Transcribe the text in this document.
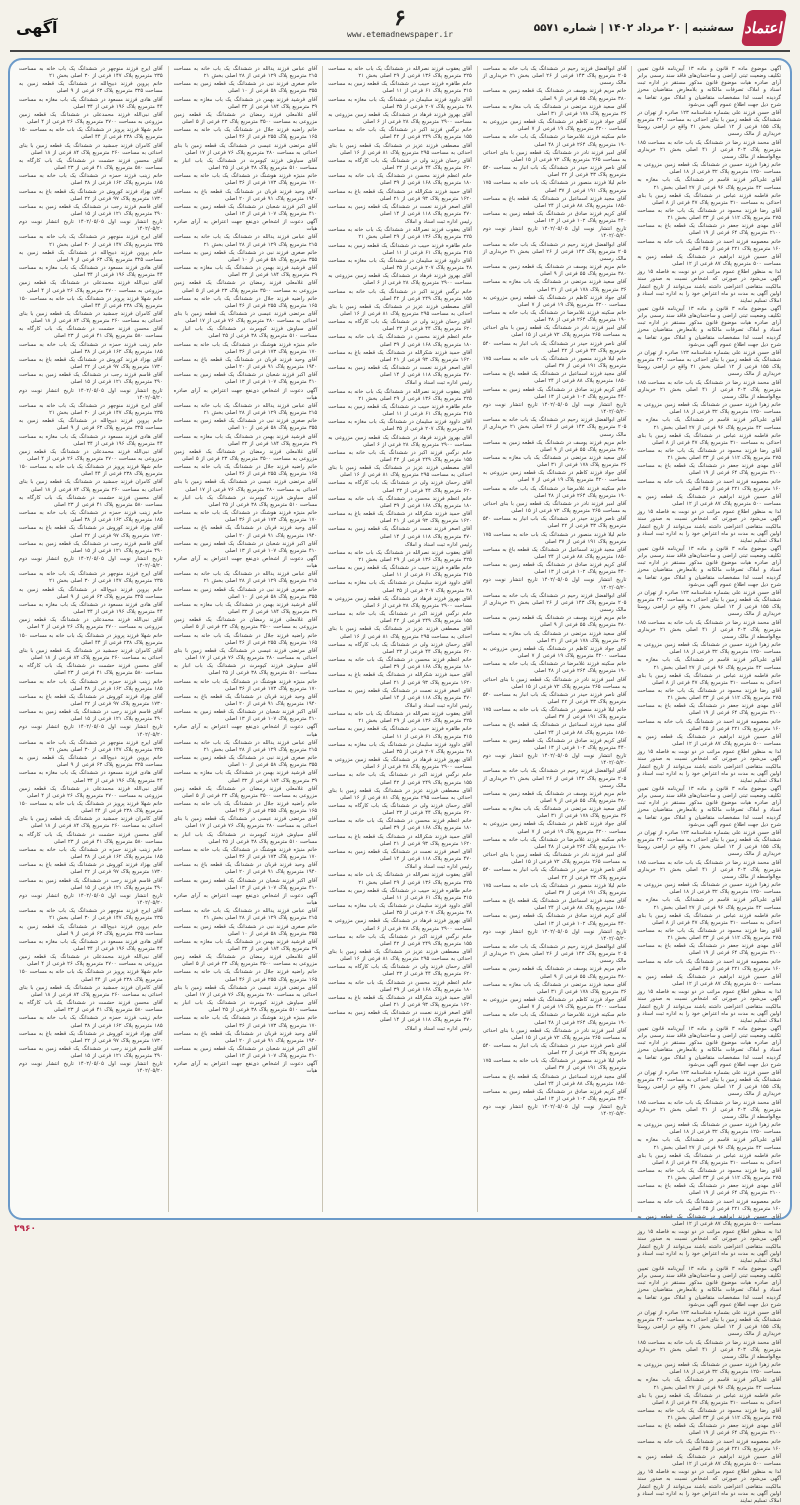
اعتماد
سه‌شنبه | ۲۰ مرداد ۱۴۰۲ | شماره ۵۵۷۱
۶
www.etemadnewspaper.ir
آگهی

آگهی موضوع ماده ۳ قانون و ماده ۱۳ آیین‌نامه قانون تعیین تکلیف وضعیت ثبتی اراضی و ساختمان‌های فاقد سند رسمی برابر آرای صادره هیات موضوع قانون مذکور مستقر در اداره ثبت اسناد و املاک تصرفات مالکانه و بلامعارض متقاضیان محرز گردیده است لذا مشخصات متقاضیان و املاک مورد تقاضا به شرح ذیل جهت اطلاع عموم آگهی می‌شود

آقای حسن فرزند علی بشماره شناسنامه ۱۲۳ صادره از تهران در ششدانگ یک قطعه زمین با بنای احداثی به مساحت ۲۴۰ مترمربع پلاک ۱۵۵ فرعی از ۱۲ اصلی بخش ۲۱ واقع در اراضی روستا خریداری از مالک رسمی

آقای محمد فرزند رضا در ششدانگ یک باب خانه به مساحت ۱۸۵ مترمربع پلاک ۲۰۳ فرعی از ۴۱ اصلی بخش ۲۱ خریداری مع‌الواسطه از مالک رسمی

خانم زهرا فرزند حسین در ششدانگ یک قطعه زمین مزروعی به مساحت ۱۲۵۰ مترمربع پلاک ۳۲ فرعی از ۱۸ اصلی

آقای علی‌اکبر فرزند قاسم در ششدانگ یک باب مغازه به مساحت ۴۲ مترمربع پلاک ۹۶ فرعی از ۲۷ اصلی بخش ۲۱

خانم فاطمه فرزند عباس در ششدانگ یک قطعه زمین با بنای احداثی به مساحت ۳۱۰ مترمربع پلاک ۴۷ فرعی از ۸ اصلی

آقای رضا فرزند محمود در ششدانگ یک باب خانه به مساحت ۲۷۵ مترمربع پلاک ۱۱۲ فرعی از ۳۳ اصلی بخش ۲۱

آقای مهدی فرزند جعفر در ششدانگ یک قطعه باغ به مساحت ۲۱۰۰ مترمربع پلاک ۶۴ فرعی از ۱۹ اصلی

خانم معصومه فرزند احمد در ششدانگ یک باب خانه به مساحت ۱۶۰ مترمربع پلاک ۲۲۱ فرعی از ۴۵ اصلی

آقای حسین فرزند ابراهیم در ششدانگ یک قطعه زمین به مساحت ۵۰۰ مترمربع پلاک ۸۷ فرعی از ۱۲ اصلی

لذا به منظور اطلاع عموم مراتب در دو نوبت به فاصله ۱۵ روز آگهی می‌شود در صورتی که اشخاص نسبت به صدور سند مالکیت متقاضی اعتراضی داشته باشند می‌توانند از تاریخ انتشار اولین آگهی به مدت دو ماه اعتراض خود را به اداره ثبت اسناد و املاک تسلیم نمایند

آگهی موضوع ماده ۳ قانون و ماده ۱۳ آیین‌نامه قانون تعیین تکلیف وضعیت ثبتی اراضی و ساختمان‌های فاقد سند رسمی برابر آرای صادره هیات موضوع قانون مذکور مستقر در اداره ثبت اسناد و املاک تصرفات مالکانه و بلامعارض متقاضیان محرز گردیده است لذا مشخصات متقاضیان و املاک مورد تقاضا به شرح ذیل جهت اطلاع عموم آگهی می‌شود

آقای حسن فرزند علی بشماره شناسنامه ۱۲۳ صادره از تهران در ششدانگ یک قطعه زمین با بنای احداثی به مساحت ۲۴۰ مترمربع پلاک ۱۵۵ فرعی از ۱۲ اصلی بخش ۲۱ واقع در اراضی روستا خریداری از مالک رسمی

آقای محمد فرزند رضا در ششدانگ یک باب خانه به مساحت ۱۸۵ مترمربع پلاک ۲۰۳ فرعی از ۴۱ اصلی بخش ۲۱ خریداری مع‌الواسطه از مالک رسمی

خانم زهرا فرزند حسین در ششدانگ یک قطعه زمین مزروعی به مساحت ۱۲۵۰ مترمربع پلاک ۳۲ فرعی از ۱۸ اصلی

آقای علی‌اکبر فرزند قاسم در ششدانگ یک باب مغازه به مساحت ۴۲ مترمربع پلاک ۹۶ فرعی از ۲۷ اصلی بخش ۲۱

خانم فاطمه فرزند عباس در ششدانگ یک قطعه زمین با بنای احداثی به مساحت ۳۱۰ مترمربع پلاک ۴۷ فرعی از ۸ اصلی

آقای رضا فرزند محمود در ششدانگ یک باب خانه به مساحت ۲۷۵ مترمربع پلاک ۱۱۲ فرعی از ۳۳ اصلی بخش ۲۱

آقای مهدی فرزند جعفر در ششدانگ یک قطعه باغ به مساحت ۲۱۰۰ مترمربع پلاک ۶۴ فرعی از ۱۹ اصلی

خانم معصومه فرزند احمد در ششدانگ یک باب خانه به مساحت ۱۶۰ مترمربع پلاک ۲۲۱ فرعی از ۴۵ اصلی

آقای حسین فرزند ابراهیم در ششدانگ یک قطعه زمین به مساحت ۵۰۰ مترمربع پلاک ۸۷ فرعی از ۱۲ اصلی

لذا به منظور اطلاع عموم مراتب در دو نوبت به فاصله ۱۵ روز آگهی می‌شود در صورتی که اشخاص نسبت به صدور سند مالکیت متقاضی اعتراضی داشته باشند می‌توانند از تاریخ انتشار اولین آگهی به مدت دو ماه اعتراض خود را به اداره ثبت اسناد و املاک تسلیم نمایند

آگهی موضوع ماده ۳ قانون و ماده ۱۳ آیین‌نامه قانون تعیین تکلیف وضعیت ثبتی اراضی و ساختمان‌های فاقد سند رسمی برابر آرای صادره هیات موضوع قانون مذکور مستقر در اداره ثبت اسناد و املاک تصرفات مالکانه و بلامعارض متقاضیان محرز گردیده است لذا مشخصات متقاضیان و املاک مورد تقاضا به شرح ذیل جهت اطلاع عموم آگهی می‌شود

آقای حسن فرزند علی بشماره شناسنامه ۱۲۳ صادره از تهران در ششدانگ یک قطعه زمین با بنای احداثی به مساحت ۲۴۰ مترمربع پلاک ۱۵۵ فرعی از ۱۲ اصلی بخش ۲۱ واقع در اراضی روستا خریداری از مالک رسمی

آقای محمد فرزند رضا در ششدانگ یک باب خانه به مساحت ۱۸۵ مترمربع پلاک ۲۰۳ فرعی از ۴۱ اصلی بخش ۲۱ خریداری مع‌الواسطه از مالک رسمی

خانم زهرا فرزند حسین در ششدانگ یک قطعه زمین مزروعی به مساحت ۱۲۵۰ مترمربع پلاک ۳۲ فرعی از ۱۸ اصلی

آقای علی‌اکبر فرزند قاسم در ششدانگ یک باب مغازه به مساحت ۴۲ مترمربع پلاک ۹۶ فرعی از ۲۷ اصلی بخش ۲۱

خانم فاطمه فرزند عباس در ششدانگ یک قطعه زمین با بنای احداثی به مساحت ۳۱۰ مترمربع پلاک ۴۷ فرعی از ۸ اصلی

آقای رضا فرزند محمود در ششدانگ یک باب خانه به مساحت ۲۷۵ مترمربع پلاک ۱۱۲ فرعی از ۳۳ اصلی بخش ۲۱

آقای مهدی فرزند جعفر در ششدانگ یک قطعه باغ به مساحت ۲۱۰۰ مترمربع پلاک ۶۴ فرعی از ۱۹ اصلی

خانم معصومه فرزند احمد در ششدانگ یک باب خانه به مساحت ۱۶۰ مترمربع پلاک ۲۲۱ فرعی از ۴۵ اصلی

آقای حسین فرزند ابراهیم در ششدانگ یک قطعه زمین به مساحت ۵۰۰ مترمربع پلاک ۸۷ فرعی از ۱۲ اصلی

لذا به منظور اطلاع عموم مراتب در دو نوبت به فاصله ۱۵ روز آگهی می‌شود در صورتی که اشخاص نسبت به صدور سند مالکیت متقاضی اعتراضی داشته باشند می‌توانند از تاریخ انتشار اولین آگهی به مدت دو ماه اعتراض خود را به اداره ثبت اسناد و املاک تسلیم نمایند

آگهی موضوع ماده ۳ قانون و ماده ۱۳ آیین‌نامه قانون تعیین تکلیف وضعیت ثبتی اراضی و ساختمان‌های فاقد سند رسمی برابر آرای صادره هیات موضوع قانون مذکور مستقر در اداره ثبت اسناد و املاک تصرفات مالکانه و بلامعارض متقاضیان محرز گردیده است لذا مشخصات متقاضیان و املاک مورد تقاضا به شرح ذیل جهت اطلاع عموم آگهی می‌شود

آقای حسن فرزند علی بشماره شناسنامه ۱۲۳ صادره از تهران در ششدانگ یک قطعه زمین با بنای احداثی به مساحت ۲۴۰ مترمربع پلاک ۱۵۵ فرعی از ۱۲ اصلی بخش ۲۱ واقع در اراضی روستا خریداری از مالک رسمی

آقای محمد فرزند رضا در ششدانگ یک باب خانه به مساحت ۱۸۵ مترمربع پلاک ۲۰۳ فرعی از ۴۱ اصلی بخش ۲۱ خریداری مع‌الواسطه از مالک رسمی

خانم زهرا فرزند حسین در ششدانگ یک قطعه زمین مزروعی به مساحت ۱۲۵۰ مترمربع پلاک ۳۲ فرعی از ۱۸ اصلی

آقای علی‌اکبر فرزند قاسم در ششدانگ یک باب مغازه به مساحت ۴۲ مترمربع پلاک ۹۶ فرعی از ۲۷ اصلی بخش ۲۱

خانم فاطمه فرزند عباس در ششدانگ یک قطعه زمین با بنای احداثی به مساحت ۳۱۰ مترمربع پلاک ۴۷ فرعی از ۸ اصلی

آقای رضا فرزند محمود در ششدانگ یک باب خانه به مساحت ۲۷۵ مترمربع پلاک ۱۱۲ فرعی از ۳۳ اصلی بخش ۲۱

آقای مهدی فرزند جعفر در ششدانگ یک قطعه باغ به مساحت ۲۱۰۰ مترمربع پلاک ۶۴ فرعی از ۱۹ اصلی

خانم معصومه فرزند احمد در ششدانگ یک باب خانه به مساحت ۱۶۰ مترمربع پلاک ۲۲۱ فرعی از ۴۵ اصلی

آقای حسین فرزند ابراهیم در ششدانگ یک قطعه زمین به مساحت ۵۰۰ مترمربع پلاک ۸۷ فرعی از ۱۲ اصلی

لذا به منظور اطلاع عموم مراتب در دو نوبت به فاصله ۱۵ روز آگهی می‌شود در صورتی که اشخاص نسبت به صدور سند مالکیت متقاضی اعتراضی داشته باشند می‌توانند از تاریخ انتشار اولین آگهی به مدت دو ماه اعتراض خود را به اداره ثبت اسناد و املاک تسلیم نمایند

آگهی موضوع ماده ۳ قانون و ماده ۱۳ آیین‌نامه قانون تعیین تکلیف وضعیت ثبتی اراضی و ساختمان‌های فاقد سند رسمی برابر آرای صادره هیات موضوع قانون مذکور مستقر در اداره ثبت اسناد و املاک تصرفات مالکانه و بلامعارض متقاضیان محرز گردیده است لذا مشخصات متقاضیان و املاک مورد تقاضا به شرح ذیل جهت اطلاع عموم آگهی می‌شود

آقای حسن فرزند علی بشماره شناسنامه ۱۲۳ صادره از تهران در ششدانگ یک قطعه زمین با بنای احداثی به مساحت ۲۴۰ مترمربع پلاک ۱۵۵ فرعی از ۱۲ اصلی بخش ۲۱ واقع در اراضی روستا خریداری از مالک رسمی

آقای محمد فرزند رضا در ششدانگ یک باب خانه به مساحت ۱۸۵ مترمربع پلاک ۲۰۳ فرعی از ۴۱ اصلی بخش ۲۱ خریداری مع‌الواسطه از مالک رسمی

خانم زهرا فرزند حسین در ششدانگ یک قطعه زمین مزروعی به مساحت ۱۲۵۰ مترمربع پلاک ۳۲ فرعی از ۱۸ اصلی

آقای علی‌اکبر فرزند قاسم در ششدانگ یک باب مغازه به مساحت ۴۲ مترمربع پلاک ۹۶ فرعی از ۲۷ اصلی بخش ۲۱

خانم فاطمه فرزند عباس در ششدانگ یک قطعه زمین با بنای احداثی به مساحت ۳۱۰ مترمربع پلاک ۴۷ فرعی از ۸ اصلی

آقای رضا فرزند محمود در ششدانگ یک باب خانه به مساحت ۲۷۵ مترمربع پلاک ۱۱۲ فرعی از ۳۳ اصلی بخش ۲۱

آقای مهدی فرزند جعفر در ششدانگ یک قطعه باغ به مساحت ۲۱۰۰ مترمربع پلاک ۶۴ فرعی از ۱۹ اصلی

خانم معصومه فرزند احمد در ششدانگ یک باب خانه به مساحت ۱۶۰ مترمربع پلاک ۲۲۱ فرعی از ۴۵ اصلی

آقای حسین فرزند ابراهیم در ششدانگ یک قطعه زمین به مساحت ۵۰۰ مترمربع پلاک ۸۷ فرعی از ۱۲ اصلی

لذا به منظور اطلاع عموم مراتب در دو نوبت به فاصله ۱۵ روز آگهی می‌شود در صورتی که اشخاص نسبت به صدور سند مالکیت متقاضی اعتراضی داشته باشند می‌توانند از تاریخ انتشار اولین آگهی به مدت دو ماه اعتراض خود را به اداره ثبت اسناد و املاک تسلیم نمایند

آگهی موضوع ماده ۳ قانون و ماده ۱۳ آیین‌نامه قانون تعیین تکلیف وضعیت ثبتی اراضی و ساختمان‌های فاقد سند رسمی برابر آرای صادره هیات موضوع قانون مذکور مستقر در اداره ثبت اسناد و املاک تصرفات مالکانه و بلامعارض متقاضیان محرز گردیده است لذا مشخصات متقاضیان و املاک مورد تقاضا به شرح ذیل جهت اطلاع عموم آگهی می‌شود

آقای حسن فرزند علی بشماره شناسنامه ۱۲۳ صادره از تهران در ششدانگ یک قطعه زمین با بنای احداثی به مساحت ۲۴۰ مترمربع پلاک ۱۵۵ فرعی از ۱۲ اصلی بخش ۲۱ واقع در اراضی روستا خریداری از مالک رسمی

آقای محمد فرزند رضا در ششدانگ یک باب خانه به مساحت ۱۸۵ مترمربع پلاک ۲۰۳ فرعی از ۴۱ اصلی بخش ۲۱ خریداری مع‌الواسطه از مالک رسمی

خانم زهرا فرزند حسین در ششدانگ یک قطعه زمین مزروعی به مساحت ۱۲۵۰ مترمربع پلاک ۳۲ فرعی از ۱۸ اصلی

آقای علی‌اکبر فرزند قاسم در ششدانگ یک باب مغازه به مساحت ۴۲ مترمربع پلاک ۹۶ فرعی از ۲۷ اصلی بخش ۲۱

خانم فاطمه فرزند عباس در ششدانگ یک قطعه زمین با بنای احداثی به مساحت ۳۱۰ مترمربع پلاک ۴۷ فرعی از ۸ اصلی

آقای رضا فرزند محمود در ششدانگ یک باب خانه به مساحت ۲۷۵ مترمربع پلاک ۱۱۲ فرعی از ۳۳ اصلی بخش ۲۱

آقای مهدی فرزند جعفر در ششدانگ یک قطعه باغ به مساحت ۲۱۰۰ مترمربع پلاک ۶۴ فرعی از ۱۹ اصلی

خانم معصومه فرزند احمد در ششدانگ یک باب خانه به مساحت ۱۶۰ مترمربع پلاک ۲۲۱ فرعی از ۴۵ اصلی

آقای حسین فرزند ابراهیم در ششدانگ یک قطعه زمین به مساحت ۵۰۰ مترمربع پلاک ۸۷ فرعی از ۱۲ اصلی

لذا به منظور اطلاع عموم مراتب در دو نوبت به فاصله ۱۵ روز آگهی می‌شود در صورتی که اشخاص نسبت به صدور سند مالکیت متقاضی اعتراضی داشته باشند می‌توانند از تاریخ انتشار اولین آگهی به مدت دو ماه اعتراض خود را به اداره ثبت اسناد و املاک تسلیم نمایند

آقای ابوالفضل فرزند رحیم در ششدانگ یک باب خانه به مساحت ۲۰۵ مترمربع پلاک ۱۴۳ فرعی از ۲۶ اصلی بخش ۲۱ خریداری از مالک رسمی

خانم مریم فرزند یوسف در ششدانگ یک قطعه زمین به مساحت ۳۸۰ مترمربع پلاک ۵۵ فرعی از ۹ اصلی

آقای سعید فرزند مرتضی در ششدانگ یک باب مغازه به مساحت ۳۶ مترمربع پلاک ۱۷۸ فرعی از ۳۱ اصلی

آقای جواد فرزند کاظم در ششدانگ یک قطعه زمین مزروعی به مساحت ۴۲۰۰ مترمربع پلاک ۱۹ فرعی از ۷ اصلی

خانم سکینه فرزند غلامرضا در ششدانگ یک باب خانه به مساحت ۱۹۰ مترمربع پلاک ۲۶۴ فرعی از ۴۸ اصلی

آقای امیر فرزند نادر در ششدانگ یک قطعه زمین با بنای احداثی به مساحت ۲۶۵ مترمربع پلاک ۷۲ فرعی از ۱۵ اصلی

آقای ناصر فرزند حیدر در ششدانگ یک باب انبار به مساحت ۵۴۰ مترمربع پلاک ۳۳ فرعی از ۲۲ اصلی

خانم لیلا فرزند منصور در ششدانگ یک باب خانه به مساحت ۱۷۵ مترمربع پلاک ۱۹۱ فرعی از ۳۷ اصلی

آقای مجید فرزند اسماعیل در ششدانگ یک قطعه باغ به مساحت ۱۸۵۰ مترمربع پلاک ۸۸ فرعی از ۲۴ اصلی

آقای کریم فرزند صادق در ششدانگ یک قطعه زمین به مساحت ۴۴۰ مترمربع پلاک ۱۰۲ فرعی از ۱۳ اصلی

تاریخ انتشار نوبت اول ۱۴۰۲/۰۵/۰۵ تاریخ انتشار نوبت دوم ۱۴۰۲/۰۵/۲۰

آقای ابوالفضل فرزند رحیم در ششدانگ یک باب خانه به مساحت ۲۰۵ مترمربع پلاک ۱۴۳ فرعی از ۲۶ اصلی بخش ۲۱ خریداری از مالک رسمی

خانم مریم فرزند یوسف در ششدانگ یک قطعه زمین به مساحت ۳۸۰ مترمربع پلاک ۵۵ فرعی از ۹ اصلی

آقای سعید فرزند مرتضی در ششدانگ یک باب مغازه به مساحت ۳۶ مترمربع پلاک ۱۷۸ فرعی از ۳۱ اصلی

آقای جواد فرزند کاظم در ششدانگ یک قطعه زمین مزروعی به مساحت ۴۲۰۰ مترمربع پلاک ۱۹ فرعی از ۷ اصلی

خانم سکینه فرزند غلامرضا در ششدانگ یک باب خانه به مساحت ۱۹۰ مترمربع پلاک ۲۶۴ فرعی از ۴۸ اصلی

آقای امیر فرزند نادر در ششدانگ یک قطعه زمین با بنای احداثی به مساحت ۲۶۵ مترمربع پلاک ۷۲ فرعی از ۱۵ اصلی

آقای ناصر فرزند حیدر در ششدانگ یک باب انبار به مساحت ۵۴۰ مترمربع پلاک ۳۳ فرعی از ۲۲ اصلی

خانم لیلا فرزند منصور در ششدانگ یک باب خانه به مساحت ۱۷۵ مترمربع پلاک ۱۹۱ فرعی از ۳۷ اصلی

آقای مجید فرزند اسماعیل در ششدانگ یک قطعه باغ به مساحت ۱۸۵۰ مترمربع پلاک ۸۸ فرعی از ۲۴ اصلی

آقای کریم فرزند صادق در ششدانگ یک قطعه زمین به مساحت ۴۴۰ مترمربع پلاک ۱۰۲ فرعی از ۱۳ اصلی

تاریخ انتشار نوبت اول ۱۴۰۲/۰۵/۰۵ تاریخ انتشار نوبت دوم ۱۴۰۲/۰۵/۲۰

آقای ابوالفضل فرزند رحیم در ششدانگ یک باب خانه به مساحت ۲۰۵ مترمربع پلاک ۱۴۳ فرعی از ۲۶ اصلی بخش ۲۱ خریداری از مالک رسمی

خانم مریم فرزند یوسف در ششدانگ یک قطعه زمین به مساحت ۳۸۰ مترمربع پلاک ۵۵ فرعی از ۹ اصلی

آقای سعید فرزند مرتضی در ششدانگ یک باب مغازه به مساحت ۳۶ مترمربع پلاک ۱۷۸ فرعی از ۳۱ اصلی

آقای جواد فرزند کاظم در ششدانگ یک قطعه زمین مزروعی به مساحت ۴۲۰۰ مترمربع پلاک ۱۹ فرعی از ۷ اصلی

خانم سکینه فرزند غلامرضا در ششدانگ یک باب خانه به مساحت ۱۹۰ مترمربع پلاک ۲۶۴ فرعی از ۴۸ اصلی

آقای امیر فرزند نادر در ششدانگ یک قطعه زمین با بنای احداثی به مساحت ۲۶۵ مترمربع پلاک ۷۲ فرعی از ۱۵ اصلی

آقای ناصر فرزند حیدر در ششدانگ یک باب انبار به مساحت ۵۴۰ مترمربع پلاک ۳۳ فرعی از ۲۲ اصلی

خانم لیلا فرزند منصور در ششدانگ یک باب خانه به مساحت ۱۷۵ مترمربع پلاک ۱۹۱ فرعی از ۳۷ اصلی

آقای مجید فرزند اسماعیل در ششدانگ یک قطعه باغ به مساحت ۱۸۵۰ مترمربع پلاک ۸۸ فرعی از ۲۴ اصلی

آقای کریم فرزند صادق در ششدانگ یک قطعه زمین به مساحت ۴۴۰ مترمربع پلاک ۱۰۲ فرعی از ۱۳ اصلی

تاریخ انتشار نوبت اول ۱۴۰۲/۰۵/۰۵ تاریخ انتشار نوبت دوم ۱۴۰۲/۰۵/۲۰

آقای ابوالفضل فرزند رحیم در ششدانگ یک باب خانه به مساحت ۲۰۵ مترمربع پلاک ۱۴۳ فرعی از ۲۶ اصلی بخش ۲۱ خریداری از مالک رسمی

خانم مریم فرزند یوسف در ششدانگ یک قطعه زمین به مساحت ۳۸۰ مترمربع پلاک ۵۵ فرعی از ۹ اصلی

آقای سعید فرزند مرتضی در ششدانگ یک باب مغازه به مساحت ۳۶ مترمربع پلاک ۱۷۸ فرعی از ۳۱ اصلی

آقای جواد فرزند کاظم در ششدانگ یک قطعه زمین مزروعی به مساحت ۴۲۰۰ مترمربع پلاک ۱۹ فرعی از ۷ اصلی

خانم سکینه فرزند غلامرضا در ششدانگ یک باب خانه به مساحت ۱۹۰ مترمربع پلاک ۲۶۴ فرعی از ۴۸ اصلی

آقای امیر فرزند نادر در ششدانگ یک قطعه زمین با بنای احداثی به مساحت ۲۶۵ مترمربع پلاک ۷۲ فرعی از ۱۵ اصلی

آقای ناصر فرزند حیدر در ششدانگ یک باب انبار به مساحت ۵۴۰ مترمربع پلاک ۳۳ فرعی از ۲۲ اصلی

خانم لیلا فرزند منصور در ششدانگ یک باب خانه به مساحت ۱۷۵ مترمربع پلاک ۱۹۱ فرعی از ۳۷ اصلی

آقای مجید فرزند اسماعیل در ششدانگ یک قطعه باغ به مساحت ۱۸۵۰ مترمربع پلاک ۸۸ فرعی از ۲۴ اصلی

آقای کریم فرزند صادق در ششدانگ یک قطعه زمین به مساحت ۴۴۰ مترمربع پلاک ۱۰۲ فرعی از ۱۳ اصلی

تاریخ انتشار نوبت اول ۱۴۰۲/۰۵/۰۵ تاریخ انتشار نوبت دوم ۱۴۰۲/۰۵/۲۰

آقای ابوالفضل فرزند رحیم در ششدانگ یک باب خانه به مساحت ۲۰۵ مترمربع پلاک ۱۴۳ فرعی از ۲۶ اصلی بخش ۲۱ خریداری از مالک رسمی

خانم مریم فرزند یوسف در ششدانگ یک قطعه زمین به مساحت ۳۸۰ مترمربع پلاک ۵۵ فرعی از ۹ اصلی

آقای سعید فرزند مرتضی در ششدانگ یک باب مغازه به مساحت ۳۶ مترمربع پلاک ۱۷۸ فرعی از ۳۱ اصلی

آقای جواد فرزند کاظم در ششدانگ یک قطعه زمین مزروعی به مساحت ۴۲۰۰ مترمربع پلاک ۱۹ فرعی از ۷ اصلی

خانم سکینه فرزند غلامرضا در ششدانگ یک باب خانه به مساحت ۱۹۰ مترمربع پلاک ۲۶۴ فرعی از ۴۸ اصلی

آقای امیر فرزند نادر در ششدانگ یک قطعه زمین با بنای احداثی به مساحت ۲۶۵ مترمربع پلاک ۷۲ فرعی از ۱۵ اصلی

آقای ناصر فرزند حیدر در ششدانگ یک باب انبار به مساحت ۵۴۰ مترمربع پلاک ۳۳ فرعی از ۲۲ اصلی

خانم لیلا فرزند منصور در ششدانگ یک باب خانه به مساحت ۱۷۵ مترمربع پلاک ۱۹۱ فرعی از ۳۷ اصلی

آقای مجید فرزند اسماعیل در ششدانگ یک قطعه باغ به مساحت ۱۸۵۰ مترمربع پلاک ۸۸ فرعی از ۲۴ اصلی

آقای کریم فرزند صادق در ششدانگ یک قطعه زمین به مساحت ۴۴۰ مترمربع پلاک ۱۰۲ فرعی از ۱۳ اصلی

تاریخ انتشار نوبت اول ۱۴۰۲/۰۵/۰۵ تاریخ انتشار نوبت دوم ۱۴۰۲/۰۵/۲۰

آقای ابوالفضل فرزند رحیم در ششدانگ یک باب خانه به مساحت ۲۰۵ مترمربع پلاک ۱۴۳ فرعی از ۲۶ اصلی بخش ۲۱ خریداری از مالک رسمی

خانم مریم فرزند یوسف در ششدانگ یک قطعه زمین به مساحت ۳۸۰ مترمربع پلاک ۵۵ فرعی از ۹ اصلی

آقای سعید فرزند مرتضی در ششدانگ یک باب مغازه به مساحت ۳۶ مترمربع پلاک ۱۷۸ فرعی از ۳۱ اصلی

آقای جواد فرزند کاظم در ششدانگ یک قطعه زمین مزروعی به مساحت ۴۲۰۰ مترمربع پلاک ۱۹ فرعی از ۷ اصلی

خانم سکینه فرزند غلامرضا در ششدانگ یک باب خانه به مساحت ۱۹۰ مترمربع پلاک ۲۶۴ فرعی از ۴۸ اصلی

آقای امیر فرزند نادر در ششدانگ یک قطعه زمین با بنای احداثی به مساحت ۲۶۵ مترمربع پلاک ۷۲ فرعی از ۱۵ اصلی

آقای ناصر فرزند حیدر در ششدانگ یک باب انبار به مساحت ۵۴۰ مترمربع پلاک ۳۳ فرعی از ۲۲ اصلی

خانم لیلا فرزند منصور در ششدانگ یک باب خانه به مساحت ۱۷۵ مترمربع پلاک ۱۹۱ فرعی از ۳۷ اصلی

آقای مجید فرزند اسماعیل در ششدانگ یک قطعه باغ به مساحت ۱۸۵۰ مترمربع پلاک ۸۸ فرعی از ۲۴ اصلی

آقای کریم فرزند صادق در ششدانگ یک قطعه زمین به مساحت ۴۴۰ مترمربع پلاک ۱۰۲ فرعی از ۱۳ اصلی

تاریخ انتشار نوبت اول ۱۴۰۲/۰۵/۰۵ تاریخ انتشار نوبت دوم ۱۴۰۲/۰۵/۲۰

آقای یعقوب فرزند نصرالله در ششدانگ یک باب خانه به مساحت ۲۲۵ مترمربع پلاک ۱۳۶ فرعی از ۲۹ اصلی بخش ۲۱

خانم طاهره فرزند حبیب در ششدانگ یک قطعه زمین به مساحت ۳۱۵ مترمربع پلاک ۶۱ فرعی از ۱۱ اصلی

آقای داوود فرزند سلیمان در ششدانگ یک باب مغازه به مساحت ۴۸ مترمربع پلاک ۲۰۷ فرعی از ۳۵ اصلی

آقای بهروز فرزند فرهاد در ششدانگ یک قطعه زمین مزروعی به مساحت ۲۹۰۰ مترمربع پلاک ۲۸ فرعی از ۶ اصلی

خانم نرگس فرزند اکبر در ششدانگ یک باب خانه به مساحت ۱۵۵ مترمربع پلاک ۲۴۹ فرعی از ۴۲ اصلی

آقای مصطفی فرزند عزیز در ششدانگ یک قطعه زمین با بنای احداثی به مساحت ۲۹۵ مترمربع پلاک ۸۱ فرعی از ۱۶ اصلی

آقای رحمان فرزند ولی در ششدانگ یک باب کارگاه به مساحت ۶۲۰ مترمربع پلاک ۴۴ فرعی از ۲۳ اصلی

خانم اعظم فرزند محسن در ششدانگ یک باب خانه به مساحت ۱۸۰ مترمربع پلاک ۱۶۸ فرعی از ۳۹ اصلی

آقای حمید فرزند شکرالله در ششدانگ یک قطعه باغ به مساحت ۱۶۲۰ مترمربع پلاک ۹۳ فرعی از ۲۱ اصلی

آقای اصغر فرزند نعمت در ششدانگ یک قطعه زمین به مساحت ۴۷۰ مترمربع پلاک ۱۱۸ فرعی از ۱۴ اصلی

رئیس اداره ثبت اسناد و املاک

آقای یعقوب فرزند نصرالله در ششدانگ یک باب خانه به مساحت ۲۲۵ مترمربع پلاک ۱۳۶ فرعی از ۲۹ اصلی بخش ۲۱

خانم طاهره فرزند حبیب در ششدانگ یک قطعه زمین به مساحت ۳۱۵ مترمربع پلاک ۶۱ فرعی از ۱۱ اصلی

آقای داوود فرزند سلیمان در ششدانگ یک باب مغازه به مساحت ۴۸ مترمربع پلاک ۲۰۷ فرعی از ۳۵ اصلی

آقای بهروز فرزند فرهاد در ششدانگ یک قطعه زمین مزروعی به مساحت ۲۹۰۰ مترمربع پلاک ۲۸ فرعی از ۶ اصلی

خانم نرگس فرزند اکبر در ششدانگ یک باب خانه به مساحت ۱۵۵ مترمربع پلاک ۲۴۹ فرعی از ۴۲ اصلی

آقای مصطفی فرزند عزیز در ششدانگ یک قطعه زمین با بنای احداثی به مساحت ۲۹۵ مترمربع پلاک ۸۱ فرعی از ۱۶ اصلی

آقای رحمان فرزند ولی در ششدانگ یک باب کارگاه به مساحت ۶۲۰ مترمربع پلاک ۴۴ فرعی از ۲۳ اصلی

خانم اعظم فرزند محسن در ششدانگ یک باب خانه به مساحت ۱۸۰ مترمربع پلاک ۱۶۸ فرعی از ۳۹ اصلی

آقای حمید فرزند شکرالله در ششدانگ یک قطعه باغ به مساحت ۱۶۲۰ مترمربع پلاک ۹۳ فرعی از ۲۱ اصلی

آقای اصغر فرزند نعمت در ششدانگ یک قطعه زمین به مساحت ۴۷۰ مترمربع پلاک ۱۱۸ فرعی از ۱۴ اصلی

رئیس اداره ثبت اسناد و املاک

آقای یعقوب فرزند نصرالله در ششدانگ یک باب خانه به مساحت ۲۲۵ مترمربع پلاک ۱۳۶ فرعی از ۲۹ اصلی بخش ۲۱

خانم طاهره فرزند حبیب در ششدانگ یک قطعه زمین به مساحت ۳۱۵ مترمربع پلاک ۶۱ فرعی از ۱۱ اصلی

آقای داوود فرزند سلیمان در ششدانگ یک باب مغازه به مساحت ۴۸ مترمربع پلاک ۲۰۷ فرعی از ۳۵ اصلی

آقای بهروز فرزند فرهاد در ششدانگ یک قطعه زمین مزروعی به مساحت ۲۹۰۰ مترمربع پلاک ۲۸ فرعی از ۶ اصلی

خانم نرگس فرزند اکبر در ششدانگ یک باب خانه به مساحت ۱۵۵ مترمربع پلاک ۲۴۹ فرعی از ۴۲ اصلی

آقای مصطفی فرزند عزیز در ششدانگ یک قطعه زمین با بنای احداثی به مساحت ۲۹۵ مترمربع پلاک ۸۱ فرعی از ۱۶ اصلی

آقای رحمان فرزند ولی در ششدانگ یک باب کارگاه به مساحت ۶۲۰ مترمربع پلاک ۴۴ فرعی از ۲۳ اصلی

خانم اعظم فرزند محسن در ششدانگ یک باب خانه به مساحت ۱۸۰ مترمربع پلاک ۱۶۸ فرعی از ۳۹ اصلی

آقای حمید فرزند شکرالله در ششدانگ یک قطعه باغ به مساحت ۱۶۲۰ مترمربع پلاک ۹۳ فرعی از ۲۱ اصلی

آقای اصغر فرزند نعمت در ششدانگ یک قطعه زمین به مساحت ۴۷۰ مترمربع پلاک ۱۱۸ فرعی از ۱۴ اصلی

رئیس اداره ثبت اسناد و املاک

آقای یعقوب فرزند نصرالله در ششدانگ یک باب خانه به مساحت ۲۲۵ مترمربع پلاک ۱۳۶ فرعی از ۲۹ اصلی بخش ۲۱

خانم طاهره فرزند حبیب در ششدانگ یک قطعه زمین به مساحت ۳۱۵ مترمربع پلاک ۶۱ فرعی از ۱۱ اصلی

آقای داوود فرزند سلیمان در ششدانگ یک باب مغازه به مساحت ۴۸ مترمربع پلاک ۲۰۷ فرعی از ۳۵ اصلی

آقای بهروز فرزند فرهاد در ششدانگ یک قطعه زمین مزروعی به مساحت ۲۹۰۰ مترمربع پلاک ۲۸ فرعی از ۶ اصلی

خانم نرگس فرزند اکبر در ششدانگ یک باب خانه به مساحت ۱۵۵ مترمربع پلاک ۲۴۹ فرعی از ۴۲ اصلی

آقای مصطفی فرزند عزیز در ششدانگ یک قطعه زمین با بنای احداثی به مساحت ۲۹۵ مترمربع پلاک ۸۱ فرعی از ۱۶ اصلی

آقای رحمان فرزند ولی در ششدانگ یک باب کارگاه به مساحت ۶۲۰ مترمربع پلاک ۴۴ فرعی از ۲۳ اصلی

خانم اعظم فرزند محسن در ششدانگ یک باب خانه به مساحت ۱۸۰ مترمربع پلاک ۱۶۸ فرعی از ۳۹ اصلی

آقای حمید فرزند شکرالله در ششدانگ یک قطعه باغ به مساحت ۱۶۲۰ مترمربع پلاک ۹۳ فرعی از ۲۱ اصلی

آقای اصغر فرزند نعمت در ششدانگ یک قطعه زمین به مساحت ۴۷۰ مترمربع پلاک ۱۱۸ فرعی از ۱۴ اصلی

رئیس اداره ثبت اسناد و املاک

آقای یعقوب فرزند نصرالله در ششدانگ یک باب خانه به مساحت ۲۲۵ مترمربع پلاک ۱۳۶ فرعی از ۲۹ اصلی بخش ۲۱

خانم طاهره فرزند حبیب در ششدانگ یک قطعه زمین به مساحت ۳۱۵ مترمربع پلاک ۶۱ فرعی از ۱۱ اصلی

آقای داوود فرزند سلیمان در ششدانگ یک باب مغازه به مساحت ۴۸ مترمربع پلاک ۲۰۷ فرعی از ۳۵ اصلی

آقای بهروز فرزند فرهاد در ششدانگ یک قطعه زمین مزروعی به مساحت ۲۹۰۰ مترمربع پلاک ۲۸ فرعی از ۶ اصلی

خانم نرگس فرزند اکبر در ششدانگ یک باب خانه به مساحت ۱۵۵ مترمربع پلاک ۲۴۹ فرعی از ۴۲ اصلی

آقای مصطفی فرزند عزیز در ششدانگ یک قطعه زمین با بنای احداثی به مساحت ۲۹۵ مترمربع پلاک ۸۱ فرعی از ۱۶ اصلی

آقای رحمان فرزند ولی در ششدانگ یک باب کارگاه به مساحت ۶۲۰ مترمربع پلاک ۴۴ فرعی از ۲۳ اصلی

خانم اعظم فرزند محسن در ششدانگ یک باب خانه به مساحت ۱۸۰ مترمربع پلاک ۱۶۸ فرعی از ۳۹ اصلی

آقای حمید فرزند شکرالله در ششدانگ یک قطعه باغ به مساحت ۱۶۲۰ مترمربع پلاک ۹۳ فرعی از ۲۱ اصلی

آقای اصغر فرزند نعمت در ششدانگ یک قطعه زمین به مساحت ۴۷۰ مترمربع پلاک ۱۱۸ فرعی از ۱۴ اصلی

رئیس اداره ثبت اسناد و املاک

آقای یعقوب فرزند نصرالله در ششدانگ یک باب خانه به مساحت ۲۲۵ مترمربع پلاک ۱۳۶ فرعی از ۲۹ اصلی بخش ۲۱

خانم طاهره فرزند حبیب در ششدانگ یک قطعه زمین به مساحت ۳۱۵ مترمربع پلاک ۶۱ فرعی از ۱۱ اصلی

آقای داوود فرزند سلیمان در ششدانگ یک باب مغازه به مساحت ۴۸ مترمربع پلاک ۲۰۷ فرعی از ۳۵ اصلی

آقای بهروز فرزند فرهاد در ششدانگ یک قطعه زمین مزروعی به مساحت ۲۹۰۰ مترمربع پلاک ۲۸ فرعی از ۶ اصلی

خانم نرگس فرزند اکبر در ششدانگ یک باب خانه به مساحت ۱۵۵ مترمربع پلاک ۲۴۹ فرعی از ۴۲ اصلی

آقای مصطفی فرزند عزیز در ششدانگ یک قطعه زمین با بنای احداثی به مساحت ۲۹۵ مترمربع پلاک ۸۱ فرعی از ۱۶ اصلی

آقای رحمان فرزند ولی در ششدانگ یک باب کارگاه به مساحت ۶۲۰ مترمربع پلاک ۴۴ فرعی از ۲۳ اصلی

خانم اعظم فرزند محسن در ششدانگ یک باب خانه به مساحت ۱۸۰ مترمربع پلاک ۱۶۸ فرعی از ۳۹ اصلی

آقای حمید فرزند شکرالله در ششدانگ یک قطعه باغ به مساحت ۱۶۲۰ مترمربع پلاک ۹۳ فرعی از ۲۱ اصلی

آقای اصغر فرزند نعمت در ششدانگ یک قطعه زمین به مساحت ۴۷۰ مترمربع پلاک ۱۱۸ فرعی از ۱۴ اصلی

رئیس اداره ثبت اسناد و املاک

آقای عباس فرزند یدالله در ششدانگ یک باب خانه به مساحت ۲۱۵ مترمربع پلاک ۱۲۹ فرعی از ۲۸ اصلی بخش ۲۱

خانم صغری فرزند نبی در ششدانگ یک قطعه زمین به مساحت ۳۵۵ مترمربع پلاک ۵۸ فرعی از ۱۰ اصلی

آقای فرشید فرزند بهمن در ششدانگ یک باب مغازه به مساحت ۳۹ مترمربع پلاک ۱۸۴ فرعی از ۳۲ اصلی

آقای غلامعلی فرزند رمضان در ششدانگ یک قطعه زمین مزروعی به مساحت ۳۵۰۰ مترمربع پلاک ۲۳ فرعی از ۵ اصلی

خانم راضیه فرزند جلال در ششدانگ یک باب خانه به مساحت ۱۶۵ مترمربع پلاک ۲۵۵ فرعی از ۴۶ اصلی

آقای مرتضی فرزند عیسی در ششدانگ یک قطعه زمین با بنای احداثی به مساحت ۲۸۰ مترمربع پلاک ۷۶ فرعی از ۱۷ اصلی

آقای سیاوش فرزند کیومرث در ششدانگ یک باب انبار به مساحت ۵۱۰ مترمربع پلاک ۳۸ فرعی از ۲۵ اصلی

خانم منیژه فرزند هوشنگ در ششدانگ یک باب خانه به مساحت ۱۷۰ مترمربع پلاک ۱۷۳ فرعی از ۳۶ اصلی

آقای وحید فرزند قربان در ششدانگ یک قطعه باغ به مساحت ۱۹۴۰ مترمربع پلاک ۹۱ فرعی از ۲۰ اصلی

آقای اکبر فرزند شعبان در ششدانگ یک قطعه زمین به مساحت ۴۱۰ مترمربع پلاک ۱۰۷ فرعی از ۱۳ اصلی

آگهی دعوت از اشخاص ذی‌نفع جهت اعتراض به آرای صادره هیات

آقای عباس فرزند یدالله در ششدانگ یک باب خانه به مساحت ۲۱۵ مترمربع پلاک ۱۲۹ فرعی از ۲۸ اصلی بخش ۲۱

خانم صغری فرزند نبی در ششدانگ یک قطعه زمین به مساحت ۳۵۵ مترمربع پلاک ۵۸ فرعی از ۱۰ اصلی

آقای فرشید فرزند بهمن در ششدانگ یک باب مغازه به مساحت ۳۹ مترمربع پلاک ۱۸۴ فرعی از ۳۲ اصلی

آقای غلامعلی فرزند رمضان در ششدانگ یک قطعه زمین مزروعی به مساحت ۳۵۰۰ مترمربع پلاک ۲۳ فرعی از ۵ اصلی

خانم راضیه فرزند جلال در ششدانگ یک باب خانه به مساحت ۱۶۵ مترمربع پلاک ۲۵۵ فرعی از ۴۶ اصلی

آقای مرتضی فرزند عیسی در ششدانگ یک قطعه زمین با بنای احداثی به مساحت ۲۸۰ مترمربع پلاک ۷۶ فرعی از ۱۷ اصلی

آقای سیاوش فرزند کیومرث در ششدانگ یک باب انبار به مساحت ۵۱۰ مترمربع پلاک ۳۸ فرعی از ۲۵ اصلی

خانم منیژه فرزند هوشنگ در ششدانگ یک باب خانه به مساحت ۱۷۰ مترمربع پلاک ۱۷۳ فرعی از ۳۶ اصلی

آقای وحید فرزند قربان در ششدانگ یک قطعه باغ به مساحت ۱۹۴۰ مترمربع پلاک ۹۱ فرعی از ۲۰ اصلی

آقای اکبر فرزند شعبان در ششدانگ یک قطعه زمین به مساحت ۴۱۰ مترمربع پلاک ۱۰۷ فرعی از ۱۳ اصلی

آگهی دعوت از اشخاص ذی‌نفع جهت اعتراض به آرای صادره هیات

آقای عباس فرزند یدالله در ششدانگ یک باب خانه به مساحت ۲۱۵ مترمربع پلاک ۱۲۹ فرعی از ۲۸ اصلی بخش ۲۱

خانم صغری فرزند نبی در ششدانگ یک قطعه زمین به مساحت ۳۵۵ مترمربع پلاک ۵۸ فرعی از ۱۰ اصلی

آقای فرشید فرزند بهمن در ششدانگ یک باب مغازه به مساحت ۳۹ مترمربع پلاک ۱۸۴ فرعی از ۳۲ اصلی

آقای غلامعلی فرزند رمضان در ششدانگ یک قطعه زمین مزروعی به مساحت ۳۵۰۰ مترمربع پلاک ۲۳ فرعی از ۵ اصلی

خانم راضیه فرزند جلال در ششدانگ یک باب خانه به مساحت ۱۶۵ مترمربع پلاک ۲۵۵ فرعی از ۴۶ اصلی

آقای مرتضی فرزند عیسی در ششدانگ یک قطعه زمین با بنای احداثی به مساحت ۲۸۰ مترمربع پلاک ۷۶ فرعی از ۱۷ اصلی

آقای سیاوش فرزند کیومرث در ششدانگ یک باب انبار به مساحت ۵۱۰ مترمربع پلاک ۳۸ فرعی از ۲۵ اصلی

خانم منیژه فرزند هوشنگ در ششدانگ یک باب خانه به مساحت ۱۷۰ مترمربع پلاک ۱۷۳ فرعی از ۳۶ اصلی

آقای وحید فرزند قربان در ششدانگ یک قطعه باغ به مساحت ۱۹۴۰ مترمربع پلاک ۹۱ فرعی از ۲۰ اصلی

آقای اکبر فرزند شعبان در ششدانگ یک قطعه زمین به مساحت ۴۱۰ مترمربع پلاک ۱۰۷ فرعی از ۱۳ اصلی

آگهی دعوت از اشخاص ذی‌نفع جهت اعتراض به آرای صادره هیات

آقای عباس فرزند یدالله در ششدانگ یک باب خانه به مساحت ۲۱۵ مترمربع پلاک ۱۲۹ فرعی از ۲۸ اصلی بخش ۲۱

خانم صغری فرزند نبی در ششدانگ یک قطعه زمین به مساحت ۳۵۵ مترمربع پلاک ۵۸ فرعی از ۱۰ اصلی

آقای فرشید فرزند بهمن در ششدانگ یک باب مغازه به مساحت ۳۹ مترمربع پلاک ۱۸۴ فرعی از ۳۲ اصلی

آقای غلامعلی فرزند رمضان در ششدانگ یک قطعه زمین مزروعی به مساحت ۳۵۰۰ مترمربع پلاک ۲۳ فرعی از ۵ اصلی

خانم راضیه فرزند جلال در ششدانگ یک باب خانه به مساحت ۱۶۵ مترمربع پلاک ۲۵۵ فرعی از ۴۶ اصلی

آقای مرتضی فرزند عیسی در ششدانگ یک قطعه زمین با بنای احداثی به مساحت ۲۸۰ مترمربع پلاک ۷۶ فرعی از ۱۷ اصلی

آقای سیاوش فرزند کیومرث در ششدانگ یک باب انبار به مساحت ۵۱۰ مترمربع پلاک ۳۸ فرعی از ۲۵ اصلی

خانم منیژه فرزند هوشنگ در ششدانگ یک باب خانه به مساحت ۱۷۰ مترمربع پلاک ۱۷۳ فرعی از ۳۶ اصلی

آقای وحید فرزند قربان در ششدانگ یک قطعه باغ به مساحت ۱۹۴۰ مترمربع پلاک ۹۱ فرعی از ۲۰ اصلی

آقای اکبر فرزند شعبان در ششدانگ یک قطعه زمین به مساحت ۴۱۰ مترمربع پلاک ۱۰۷ فرعی از ۱۳ اصلی

آگهی دعوت از اشخاص ذی‌نفع جهت اعتراض به آرای صادره هیات

آقای عباس فرزند یدالله در ششدانگ یک باب خانه به مساحت ۲۱۵ مترمربع پلاک ۱۲۹ فرعی از ۲۸ اصلی بخش ۲۱

خانم صغری فرزند نبی در ششدانگ یک قطعه زمین به مساحت ۳۵۵ مترمربع پلاک ۵۸ فرعی از ۱۰ اصلی

آقای فرشید فرزند بهمن در ششدانگ یک باب مغازه به مساحت ۳۹ مترمربع پلاک ۱۸۴ فرعی از ۳۲ اصلی

آقای غلامعلی فرزند رمضان در ششدانگ یک قطعه زمین مزروعی به مساحت ۳۵۰۰ مترمربع پلاک ۲۳ فرعی از ۵ اصلی

خانم راضیه فرزند جلال در ششدانگ یک باب خانه به مساحت ۱۶۵ مترمربع پلاک ۲۵۵ فرعی از ۴۶ اصلی

آقای مرتضی فرزند عیسی در ششدانگ یک قطعه زمین با بنای احداثی به مساحت ۲۸۰ مترمربع پلاک ۷۶ فرعی از ۱۷ اصلی

آقای سیاوش فرزند کیومرث در ششدانگ یک باب انبار به مساحت ۵۱۰ مترمربع پلاک ۳۸ فرعی از ۲۵ اصلی

خانم منیژه فرزند هوشنگ در ششدانگ یک باب خانه به مساحت ۱۷۰ مترمربع پلاک ۱۷۳ فرعی از ۳۶ اصلی

آقای وحید فرزند قربان در ششدانگ یک قطعه باغ به مساحت ۱۹۴۰ مترمربع پلاک ۹۱ فرعی از ۲۰ اصلی

آقای اکبر فرزند شعبان در ششدانگ یک قطعه زمین به مساحت ۴۱۰ مترمربع پلاک ۱۰۷ فرعی از ۱۳ اصلی

آگهی دعوت از اشخاص ذی‌نفع جهت اعتراض به آرای صادره هیات

آقای عباس فرزند یدالله در ششدانگ یک باب خانه به مساحت ۲۱۵ مترمربع پلاک ۱۲۹ فرعی از ۲۸ اصلی بخش ۲۱

خانم صغری فرزند نبی در ششدانگ یک قطعه زمین به مساحت ۳۵۵ مترمربع پلاک ۵۸ فرعی از ۱۰ اصلی

آقای فرشید فرزند بهمن در ششدانگ یک باب مغازه به مساحت ۳۹ مترمربع پلاک ۱۸۴ فرعی از ۳۲ اصلی

آقای غلامعلی فرزند رمضان در ششدانگ یک قطعه زمین مزروعی به مساحت ۳۵۰۰ مترمربع پلاک ۲۳ فرعی از ۵ اصلی

خانم راضیه فرزند جلال در ششدانگ یک باب خانه به مساحت ۱۶۵ مترمربع پلاک ۲۵۵ فرعی از ۴۶ اصلی

آقای مرتضی فرزند عیسی در ششدانگ یک قطعه زمین با بنای احداثی به مساحت ۲۸۰ مترمربع پلاک ۷۶ فرعی از ۱۷ اصلی

آقای سیاوش فرزند کیومرث در ششدانگ یک باب انبار به مساحت ۵۱۰ مترمربع پلاک ۳۸ فرعی از ۲۵ اصلی

خانم منیژه فرزند هوشنگ در ششدانگ یک باب خانه به مساحت ۱۷۰ مترمربع پلاک ۱۷۳ فرعی از ۳۶ اصلی

آقای وحید فرزند قربان در ششدانگ یک قطعه باغ به مساحت ۱۹۴۰ مترمربع پلاک ۹۱ فرعی از ۲۰ اصلی

آقای اکبر فرزند شعبان در ششدانگ یک قطعه زمین به مساحت ۴۱۰ مترمربع پلاک ۱۰۷ فرعی از ۱۳ اصلی

آگهی دعوت از اشخاص ذی‌نفع جهت اعتراض به آرای صادره هیات

آقای ایرج فرزند منوچهر در ششدانگ یک باب خانه به مساحت ۲۳۵ مترمربع پلاک ۱۴۷ فرعی از ۳۰ اصلی بخش ۲۱

خانم پروین فرزند ذبیح‌الله در ششدانگ یک قطعه زمین به مساحت ۳۲۵ مترمربع پلاک ۶۳ فرعی از ۹ اصلی

آقای هادی فرزند مسعود در ششدانگ یک باب مغازه به مساحت ۴۴ مترمربع پلاک ۱۹۶ فرعی از ۳۴ اصلی

آقای نبی‌الله فرزند محمدعلی در ششدانگ یک قطعه زمین مزروعی به مساحت ۲۷۰۰ مترمربع پلاک ۲۶ فرعی از ۴ اصلی

خانم شهلا فرزند پرویز در ششدانگ یک باب خانه به مساحت ۱۵۰ مترمربع پلاک ۲۳۸ فرعی از ۴۴ اصلی

آقای کامران فرزند جمشید در ششدانگ یک قطعه زمین با بنای احداثی به مساحت ۲۶۰ مترمربع پلاک ۸۴ فرعی از ۱۸ اصلی

آقای محسن فرزند حشمت در ششدانگ یک باب کارگاه به مساحت ۵۸۰ مترمربع پلاک ۴۱ فرعی از ۲۳ اصلی

خانم زینب فرزند حمزه در ششدانگ یک باب خانه به مساحت ۱۸۵ مترمربع پلاک ۱۶۲ فرعی از ۳۸ اصلی

آقای بهزاد فرزند کوروش در ششدانگ یک قطعه باغ به مساحت ۱۷۳۰ مترمربع پلاک ۹۷ فرعی از ۲۲ اصلی

آقای قاسم فرزند رجب در ششدانگ یک قطعه زمین به مساحت ۴۹۰ مترمربع پلاک ۱۲۱ فرعی از ۱۵ اصلی

تاریخ انتشار نوبت اول ۱۴۰۲/۰۵/۰۵ تاریخ انتشار نوبت دوم ۱۴۰۲/۰۵/۲۰

آقای ایرج فرزند منوچهر در ششدانگ یک باب خانه به مساحت ۲۳۵ مترمربع پلاک ۱۴۷ فرعی از ۳۰ اصلی بخش ۲۱

خانم پروین فرزند ذبیح‌الله در ششدانگ یک قطعه زمین به مساحت ۳۲۵ مترمربع پلاک ۶۳ فرعی از ۹ اصلی

آقای هادی فرزند مسعود در ششدانگ یک باب مغازه به مساحت ۴۴ مترمربع پلاک ۱۹۶ فرعی از ۳۴ اصلی

آقای نبی‌الله فرزند محمدعلی در ششدانگ یک قطعه زمین مزروعی به مساحت ۲۷۰۰ مترمربع پلاک ۲۶ فرعی از ۴ اصلی

خانم شهلا فرزند پرویز در ششدانگ یک باب خانه به مساحت ۱۵۰ مترمربع پلاک ۲۳۸ فرعی از ۴۴ اصلی

آقای کامران فرزند جمشید در ششدانگ یک قطعه زمین با بنای احداثی به مساحت ۲۶۰ مترمربع پلاک ۸۴ فرعی از ۱۸ اصلی

آقای محسن فرزند حشمت در ششدانگ یک باب کارگاه به مساحت ۵۸۰ مترمربع پلاک ۴۱ فرعی از ۲۳ اصلی

خانم زینب فرزند حمزه در ششدانگ یک باب خانه به مساحت ۱۸۵ مترمربع پلاک ۱۶۲ فرعی از ۳۸ اصلی

آقای بهزاد فرزند کوروش در ششدانگ یک قطعه باغ به مساحت ۱۷۳۰ مترمربع پلاک ۹۷ فرعی از ۲۲ اصلی

آقای قاسم فرزند رجب در ششدانگ یک قطعه زمین به مساحت ۴۹۰ مترمربع پلاک ۱۲۱ فرعی از ۱۵ اصلی

تاریخ انتشار نوبت اول ۱۴۰۲/۰۵/۰۵ تاریخ انتشار نوبت دوم ۱۴۰۲/۰۵/۲۰

آقای ایرج فرزند منوچهر در ششدانگ یک باب خانه به مساحت ۲۳۵ مترمربع پلاک ۱۴۷ فرعی از ۳۰ اصلی بخش ۲۱

خانم پروین فرزند ذبیح‌الله در ششدانگ یک قطعه زمین به مساحت ۳۲۵ مترمربع پلاک ۶۳ فرعی از ۹ اصلی

آقای هادی فرزند مسعود در ششدانگ یک باب مغازه به مساحت ۴۴ مترمربع پلاک ۱۹۶ فرعی از ۳۴ اصلی

آقای نبی‌الله فرزند محمدعلی در ششدانگ یک قطعه زمین مزروعی به مساحت ۲۷۰۰ مترمربع پلاک ۲۶ فرعی از ۴ اصلی

خانم شهلا فرزند پرویز در ششدانگ یک باب خانه به مساحت ۱۵۰ مترمربع پلاک ۲۳۸ فرعی از ۴۴ اصلی

آقای کامران فرزند جمشید در ششدانگ یک قطعه زمین با بنای احداثی به مساحت ۲۶۰ مترمربع پلاک ۸۴ فرعی از ۱۸ اصلی

آقای محسن فرزند حشمت در ششدانگ یک باب کارگاه به مساحت ۵۸۰ مترمربع پلاک ۴۱ فرعی از ۲۳ اصلی

خانم زینب فرزند حمزه در ششدانگ یک باب خانه به مساحت ۱۸۵ مترمربع پلاک ۱۶۲ فرعی از ۳۸ اصلی

آقای بهزاد فرزند کوروش در ششدانگ یک قطعه باغ به مساحت ۱۷۳۰ مترمربع پلاک ۹۷ فرعی از ۲۲ اصلی

آقای قاسم فرزند رجب در ششدانگ یک قطعه زمین به مساحت ۴۹۰ مترمربع پلاک ۱۲۱ فرعی از ۱۵ اصلی

تاریخ انتشار نوبت اول ۱۴۰۲/۰۵/۰۵ تاریخ انتشار نوبت دوم ۱۴۰۲/۰۵/۲۰

آقای ایرج فرزند منوچهر در ششدانگ یک باب خانه به مساحت ۲۳۵ مترمربع پلاک ۱۴۷ فرعی از ۳۰ اصلی بخش ۲۱

خانم پروین فرزند ذبیح‌الله در ششدانگ یک قطعه زمین به مساحت ۳۲۵ مترمربع پلاک ۶۳ فرعی از ۹ اصلی

آقای هادی فرزند مسعود در ششدانگ یک باب مغازه به مساحت ۴۴ مترمربع پلاک ۱۹۶ فرعی از ۳۴ اصلی

آقای نبی‌الله فرزند محمدعلی در ششدانگ یک قطعه زمین مزروعی به مساحت ۲۷۰۰ مترمربع پلاک ۲۶ فرعی از ۴ اصلی

خانم شهلا فرزند پرویز در ششدانگ یک باب خانه به مساحت ۱۵۰ مترمربع پلاک ۲۳۸ فرعی از ۴۴ اصلی

آقای کامران فرزند جمشید در ششدانگ یک قطعه زمین با بنای احداثی به مساحت ۲۶۰ مترمربع پلاک ۸۴ فرعی از ۱۸ اصلی

آقای محسن فرزند حشمت در ششدانگ یک باب کارگاه به مساحت ۵۸۰ مترمربع پلاک ۴۱ فرعی از ۲۳ اصلی

خانم زینب فرزند حمزه در ششدانگ یک باب خانه به مساحت ۱۸۵ مترمربع پلاک ۱۶۲ فرعی از ۳۸ اصلی

آقای بهزاد فرزند کوروش در ششدانگ یک قطعه باغ به مساحت ۱۷۳۰ مترمربع پلاک ۹۷ فرعی از ۲۲ اصلی

آقای قاسم فرزند رجب در ششدانگ یک قطعه زمین به مساحت ۴۹۰ مترمربع پلاک ۱۲۱ فرعی از ۱۵ اصلی

تاریخ انتشار نوبت اول ۱۴۰۲/۰۵/۰۵ تاریخ انتشار نوبت دوم ۱۴۰۲/۰۵/۲۰

آقای ایرج فرزند منوچهر در ششدانگ یک باب خانه به مساحت ۲۳۵ مترمربع پلاک ۱۴۷ فرعی از ۳۰ اصلی بخش ۲۱

خانم پروین فرزند ذبیح‌الله در ششدانگ یک قطعه زمین به مساحت ۳۲۵ مترمربع پلاک ۶۳ فرعی از ۹ اصلی

آقای هادی فرزند مسعود در ششدانگ یک باب مغازه به مساحت ۴۴ مترمربع پلاک ۱۹۶ فرعی از ۳۴ اصلی

آقای نبی‌الله فرزند محمدعلی در ششدانگ یک قطعه زمین مزروعی به مساحت ۲۷۰۰ مترمربع پلاک ۲۶ فرعی از ۴ اصلی

خانم شهلا فرزند پرویز در ششدانگ یک باب خانه به مساحت ۱۵۰ مترمربع پلاک ۲۳۸ فرعی از ۴۴ اصلی

آقای کامران فرزند جمشید در ششدانگ یک قطعه زمین با بنای احداثی به مساحت ۲۶۰ مترمربع پلاک ۸۴ فرعی از ۱۸ اصلی

آقای محسن فرزند حشمت در ششدانگ یک باب کارگاه به مساحت ۵۸۰ مترمربع پلاک ۴۱ فرعی از ۲۳ اصلی

خانم زینب فرزند حمزه در ششدانگ یک باب خانه به مساحت ۱۸۵ مترمربع پلاک ۱۶۲ فرعی از ۳۸ اصلی

آقای بهزاد فرزند کوروش در ششدانگ یک قطعه باغ به مساحت ۱۷۳۰ مترمربع پلاک ۹۷ فرعی از ۲۲ اصلی

آقای قاسم فرزند رجب در ششدانگ یک قطعه زمین به مساحت ۴۹۰ مترمربع پلاک ۱۲۱ فرعی از ۱۵ اصلی

تاریخ انتشار نوبت اول ۱۴۰۲/۰۵/۰۵ تاریخ انتشار نوبت دوم ۱۴۰۲/۰۵/۲۰

آقای ایرج فرزند منوچهر در ششدانگ یک باب خانه به مساحت ۲۳۵ مترمربع پلاک ۱۴۷ فرعی از ۳۰ اصلی بخش ۲۱

خانم پروین فرزند ذبیح‌الله در ششدانگ یک قطعه زمین به مساحت ۳۲۵ مترمربع پلاک ۶۳ فرعی از ۹ اصلی

آقای هادی فرزند مسعود در ششدانگ یک باب مغازه به مساحت ۴۴ مترمربع پلاک ۱۹۶ فرعی از ۳۴ اصلی

آقای نبی‌الله فرزند محمدعلی در ششدانگ یک قطعه زمین مزروعی به مساحت ۲۷۰۰ مترمربع پلاک ۲۶ فرعی از ۴ اصلی

خانم شهلا فرزند پرویز در ششدانگ یک باب خانه به مساحت ۱۵۰ مترمربع پلاک ۲۳۸ فرعی از ۴۴ اصلی

آقای کامران فرزند جمشید در ششدانگ یک قطعه زمین با بنای احداثی به مساحت ۲۶۰ مترمربع پلاک ۸۴ فرعی از ۱۸ اصلی

آقای محسن فرزند حشمت در ششدانگ یک باب کارگاه به مساحت ۵۸۰ مترمربع پلاک ۴۱ فرعی از ۲۳ اصلی

خانم زینب فرزند حمزه در ششدانگ یک باب خانه به مساحت ۱۸۵ مترمربع پلاک ۱۶۲ فرعی از ۳۸ اصلی

آقای بهزاد فرزند کوروش در ششدانگ یک قطعه باغ به مساحت ۱۷۳۰ مترمربع پلاک ۹۷ فرعی از ۲۲ اصلی

آقای قاسم فرزند رجب در ششدانگ یک قطعه زمین به مساحت ۴۹۰ مترمربع پلاک ۱۲۱ فرعی از ۱۵ اصلی

تاریخ انتشار نوبت اول ۱۴۰۲/۰۵/۰۵ تاریخ انتشار نوبت دوم ۱۴۰۲/۰۵/۲۰

۲۹۶۰
